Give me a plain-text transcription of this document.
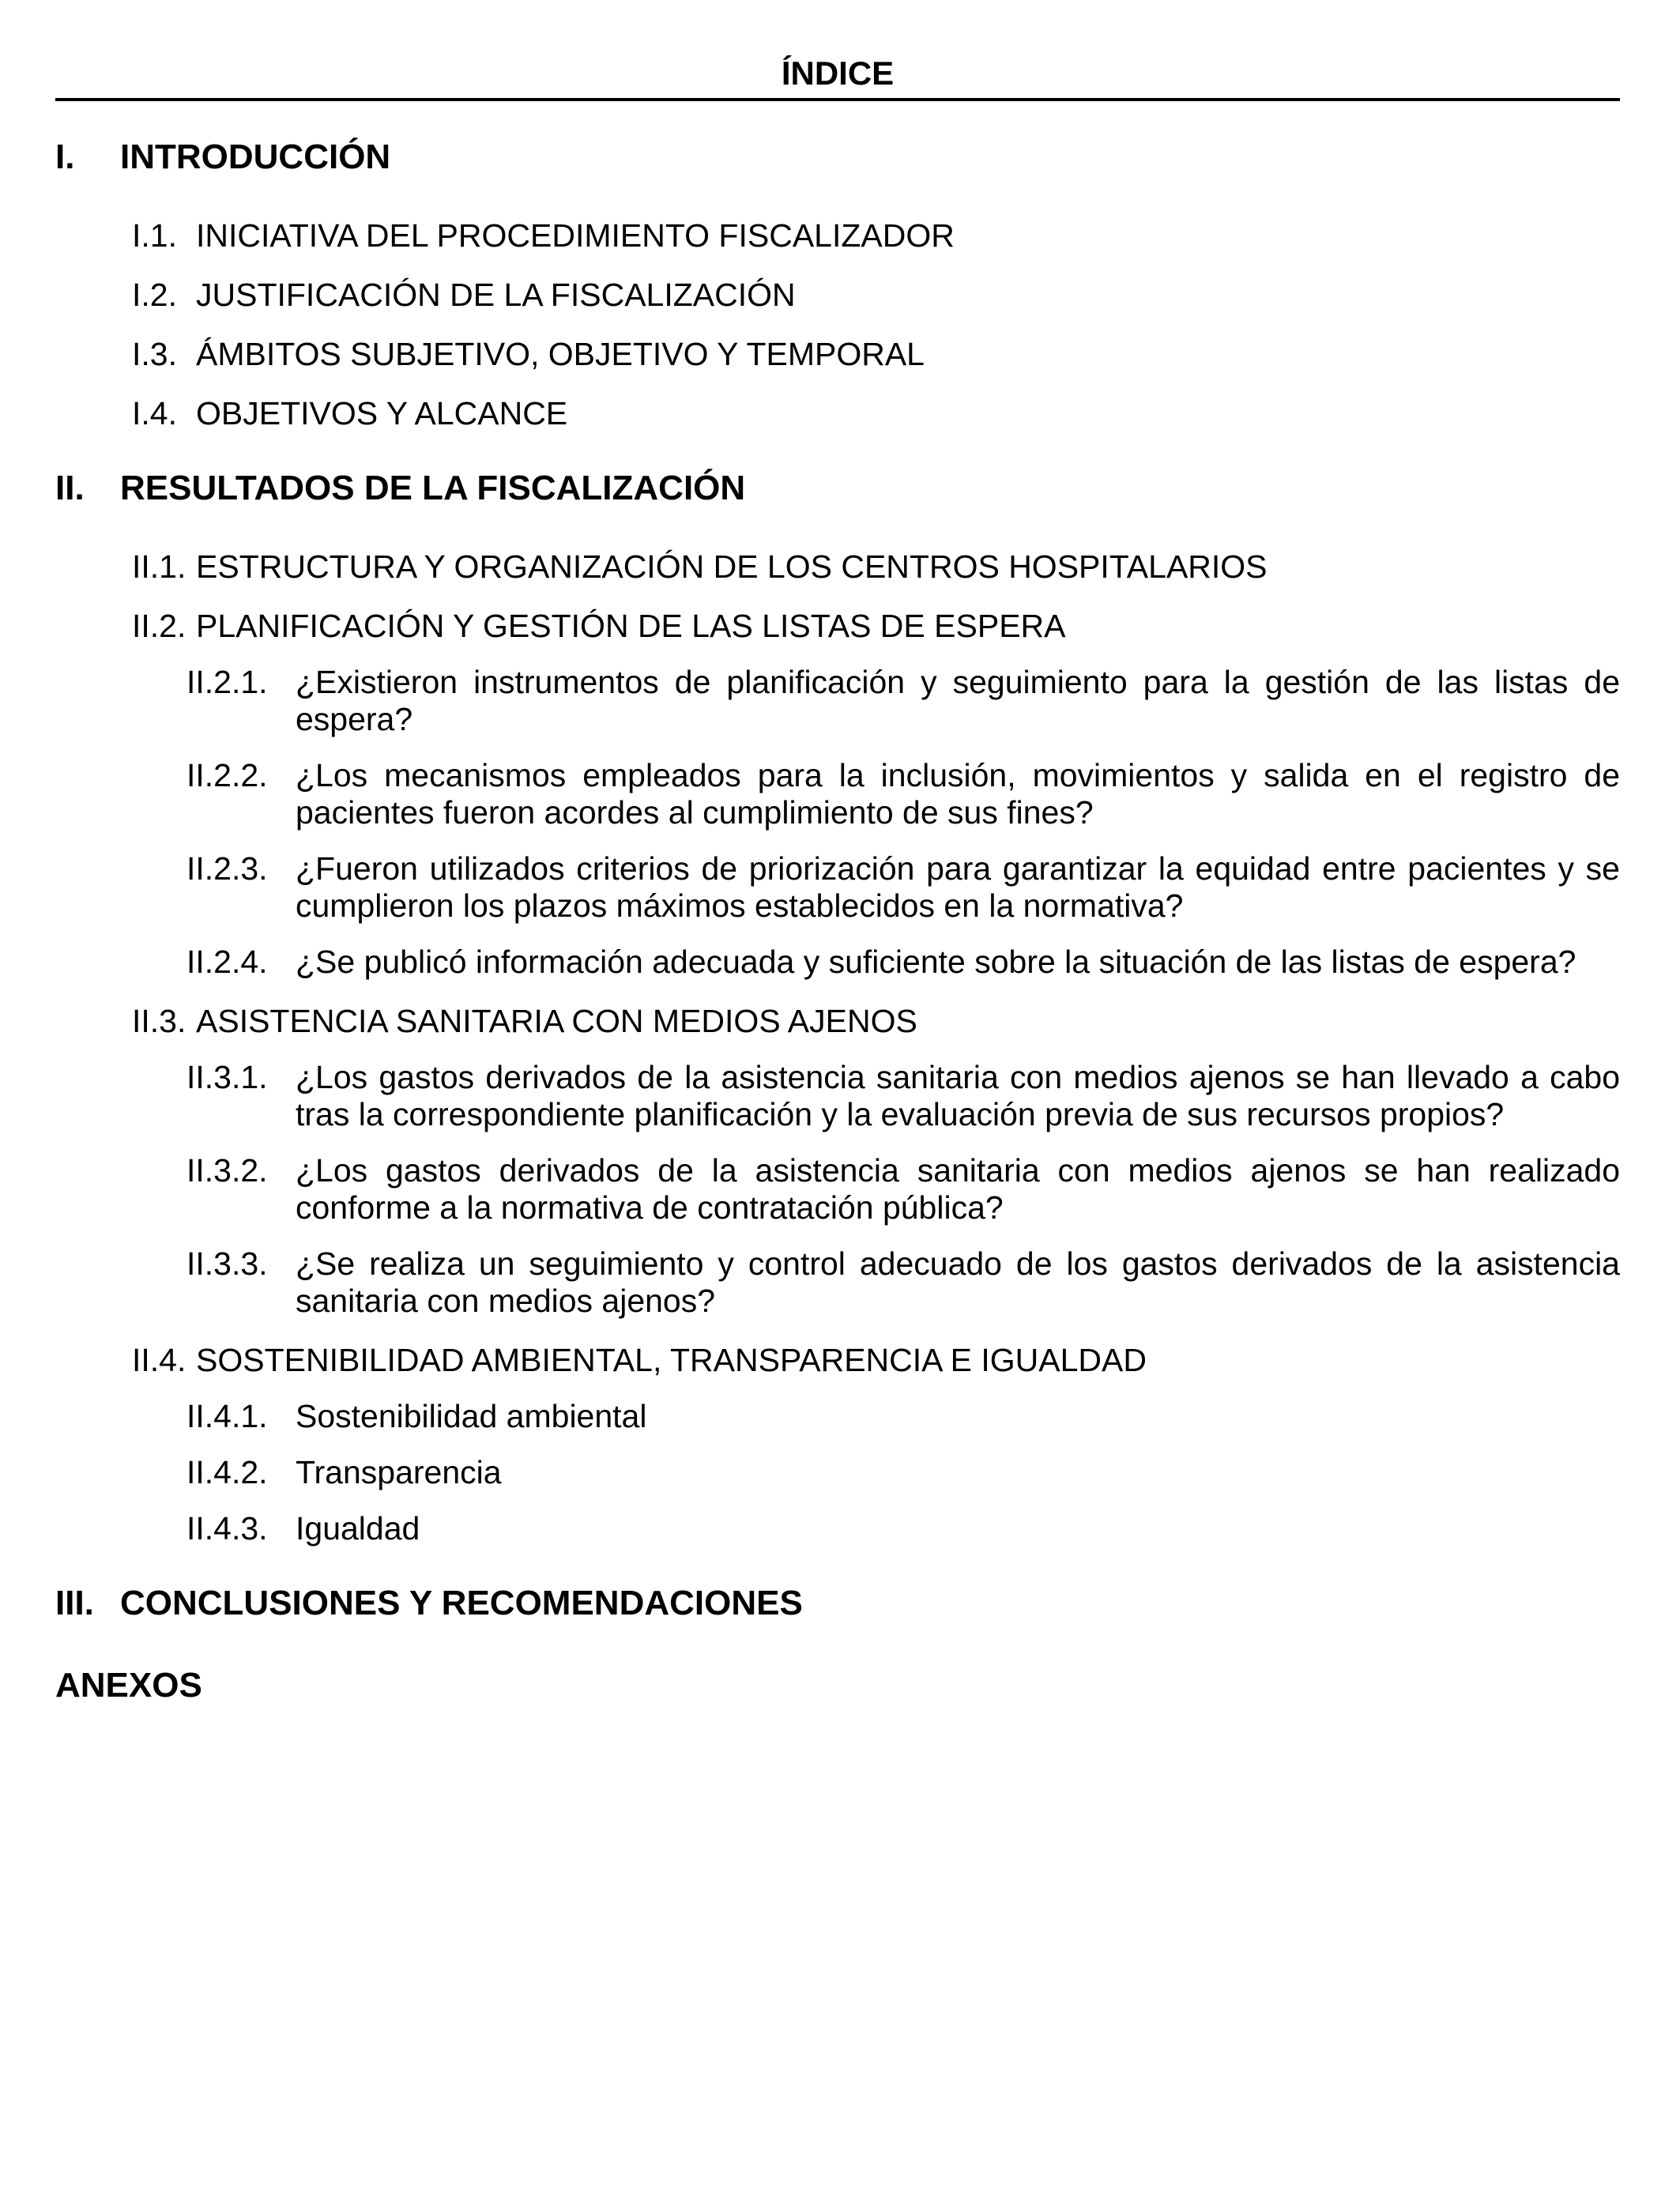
ÍNDICE
I.	INTRODUCCIÓN
I.1. INICIATIVA DEL PROCEDIMIENTO FISCALIZADOR
I.2. JUSTIFICACIÓN DE LA FISCALIZACIÓN
I.3. ÁMBITOS SUBJETIVO, OBJETIVO Y TEMPORAL
I.4. OBJETIVOS Y ALCANCE
II.	RESULTADOS DE LA FISCALIZACIÓN
II.1. ESTRUCTURA Y ORGANIZACIÓN DE LOS CENTROS HOSPITALARIOS
II.2. PLANIFICACIÓN Y GESTIÓN DE LAS LISTAS DE ESPERA
II.2.1. ¿Existieron instrumentos de planificación y seguimiento para la gestión de las listas de espera?
II.2.2. ¿Los mecanismos empleados para la inclusión, movimientos y salida en el registro de pacientes fueron acordes al cumplimiento de sus fines?
II.2.3. ¿Fueron utilizados criterios de priorización para garantizar la equidad entre pacientes y se cumplieron los plazos máximos establecidos en la normativa?
II.2.4. ¿Se publicó información adecuada y suficiente sobre la situación de las listas de espera?
II.3. ASISTENCIA SANITARIA CON MEDIOS AJENOS
II.3.1. ¿Los gastos derivados de la asistencia sanitaria con medios ajenos se han llevado a cabo tras la correspondiente planificación y la evaluación previa de sus recursos propios?
II.3.2. ¿Los gastos derivados de la asistencia sanitaria con medios ajenos se han realizado conforme a la normativa de contratación pública?
II.3.3. ¿Se realiza un seguimiento y control adecuado de los gastos derivados de la asistencia sanitaria con medios ajenos?
II.4. SOSTENIBILIDAD AMBIENTAL, TRANSPARENCIA E IGUALDAD
II.4.1. Sostenibilidad ambiental
II.4.2. Transparencia
II.4.3. Igualdad
III. CONCLUSIONES Y RECOMENDACIONES
ANEXOS
